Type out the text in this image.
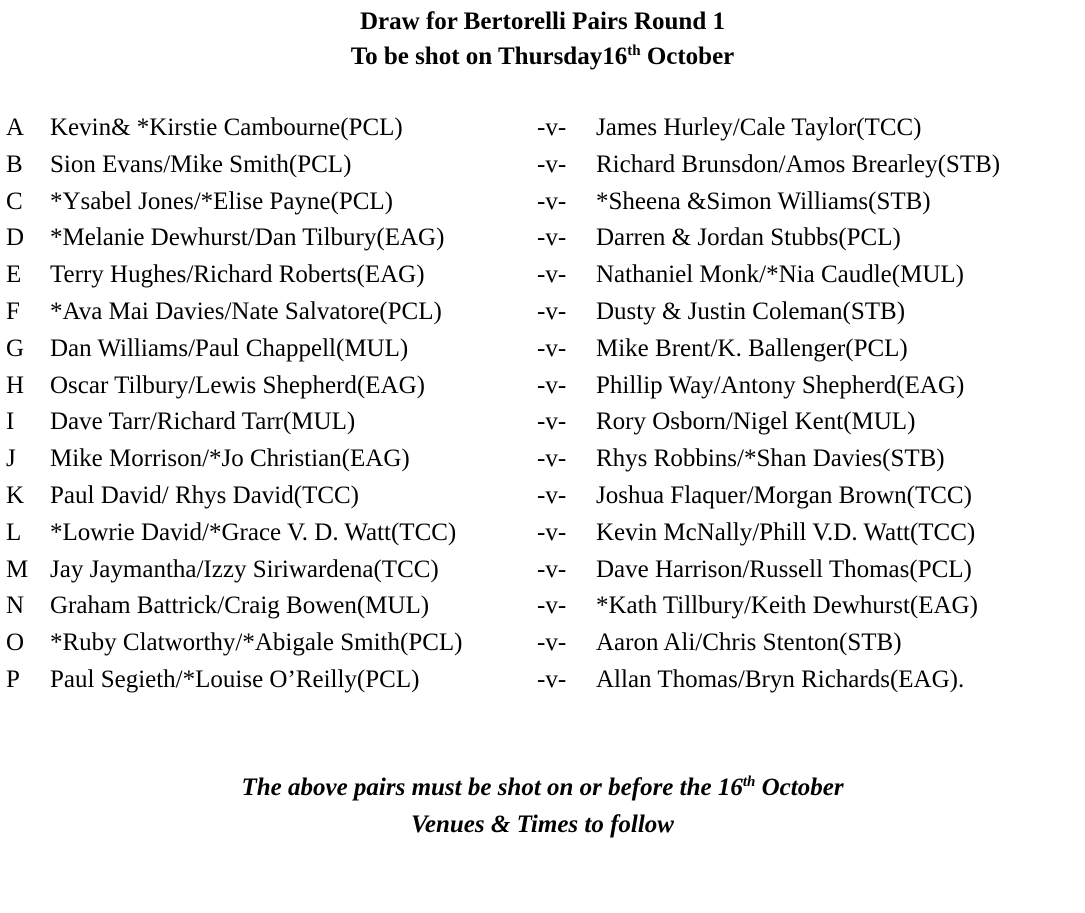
Draw for Bertorelli Pairs Round 1
To be shot on Thursday16th October
A Kevin& *Kirstie Cambourne(PCL)	-v- James Hurley/Cale Taylor(TCC)
B Sion Evans/Mike Smith(PCL)	-v- Richard Brunsdon/Amos Brearley(STB)
C *Ysabel Jones/*Elise Payne(PCL)	-v- *Sheena &Simon Williams(STB)
D *Melanie Dewhurst/Dan Tilbury(EAG)	-v- Darren & Jordan Stubbs(PCL)
E Terry Hughes/Richard Roberts(EAG)	-v- Nathaniel Monk/*Nia Caudle(MUL)
F *Ava Mai Davies/Nate Salvatore(PCL)	-v- Dusty & Justin Coleman(STB)
G Dan Williams/Paul Chappell(MUL)	-v- Mike Brent/K. Ballenger(PCL)
H Oscar Tilbury/Lewis Shepherd(EAG)	-v- Phillip Way/Antony Shepherd(EAG)
I Dave Tarr/Richard Tarr(MUL)	-v- Rory Osborn/Nigel Kent(MUL)
J Mike Morrison/*Jo Christian(EAG)	-v- Rhys Robbins/*Shan Davies(STB)
K Paul David/ Rhys David(TCC)	-v- Joshua Flaquer/Morgan Brown(TCC)
L *Lowrie David/*Grace V. D. Watt(TCC)	-v- Kevin McNally/Phill V.D. Watt(TCC)
M Jay Jaymantha/Izzy Siriwardena(TCC)	-v- Dave Harrison/Russell Thomas(PCL)
N Graham Battrick/Craig Bowen(MUL)	-v- *Kath Tillbury/Keith Dewhurst(EAG)
O *Ruby Clatworthy/*Abigale Smith(PCL)	-v- Aaron Ali/Chris Stenton(STB)
P Paul Segieth/*Louise O’Reilly(PCL)	-v- Allan Thomas/Bryn Richards(EAG).
The above pairs must be shot on or before the 16th October
Venues & Times to follow
